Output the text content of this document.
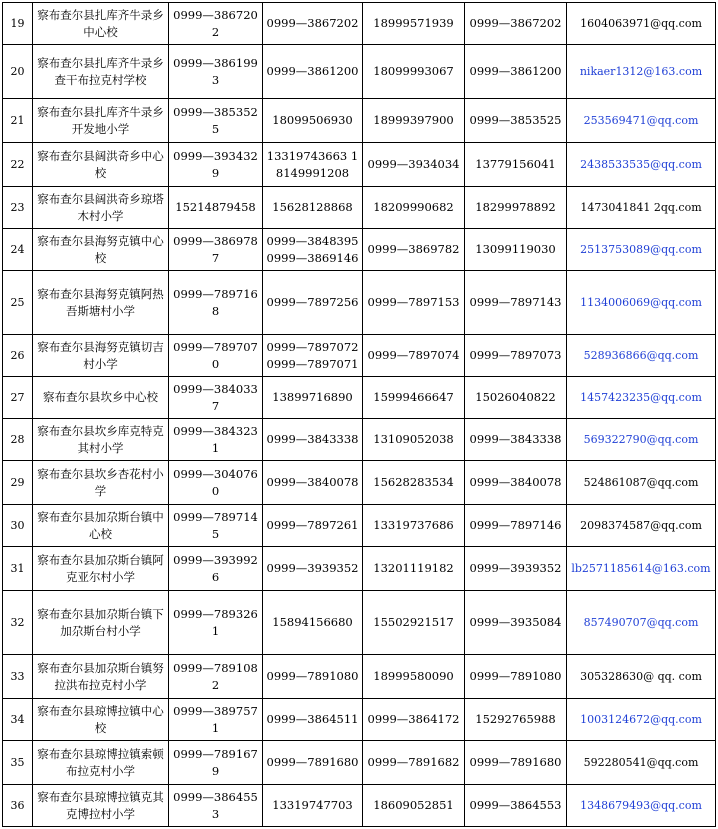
19	察布查尔县扎库齐牛录乡中心校	0999—3867202	0999—3867202	18999571939	0999—3867202	1604063971@qq.com
20	察布查尔县扎库齐牛录乡查干布拉克村学校	0999—3861993	0999—3861200	18099993067	0999—3861200	nikaer1312@163.com
21	察布查尔县扎库齐牛录乡开发地小学	0999—3853525	18099506930	18999397900	0999—3853525	253569471@qq.com
22	察布查尔县阔洪奇乡中心校	0999—3934329	13319743663 18149991208	0999—3934034	13779156041	2438533535@qq.com
23	察布查尔县阔洪奇乡琼塔木村小学	15214879458	15628128868	18209990682	18299978892	1473041841 2qq.com
24	察布查尔县海努克镇中心校	0999—3869787	0999—3848395 0999—3869146	0999—3869782	13099119030	2513753089@qq.com
25	察布查尔县海努克镇阿热吾斯塘村小学	0999—7897168	0999—7897256	0999—7897153	0999—7897143	1134006069@qq.com
26	察布查尔县海努克镇切吉村小学	0999—7897070	0999—7897072 0999—7897071	0999—7897074	0999—7897073	528936866@qq.com
27	察布查尔县坎乡中心校	0999—3840337	13899716890	15999466647	15026040822	1457423235@qq.com
28	察布查尔县坎乡库克特克其村小学	0999—3843231	0999—3843338	13109052038	0999—3843338	569322790@qq.com
29	察布查尔县坎乡杏花村小学	0999—3040760	0999—3840078	15628283534	0999—3840078	524861087@qq.com
30	察布查尔县加尕斯台镇中心校	0999—7897145	0999—7897261	13319737686	0999—7897146	2098374587@qq.com
31	察布查尔县加尕斯台镇阿克亚尔村小学	0999—3939926	0999—3939352	13201119182	0999—3939352	lb2571185614@163.com
32	察布查尔县加尕斯台镇下加尕斯台村小学	0999—7893261	15894156680	15502921517	0999—3935084	857490707@qq.com
33	察布查尔县加尕斯台镇努拉洪布拉克村小学	0999—7891082	0999—7891080	18999580090	0999—7891080	305328630@ qq. com
34	察布查尔县琼博拉镇中心校	0999—3897571	0999—3864511	0999—3864172	15292765988	1003124672@qq.com
35	察布查尔县琼博拉镇索顿布拉克村小学	0999—7891679	0999—7891680	0999—7891682	0999—7891680	592280541@qq.com
36	察布查尔县琼博拉镇克其克博拉村小学	0999—3864553	13319747703	18609052851	0999—3864553	1348679493@qq.com
